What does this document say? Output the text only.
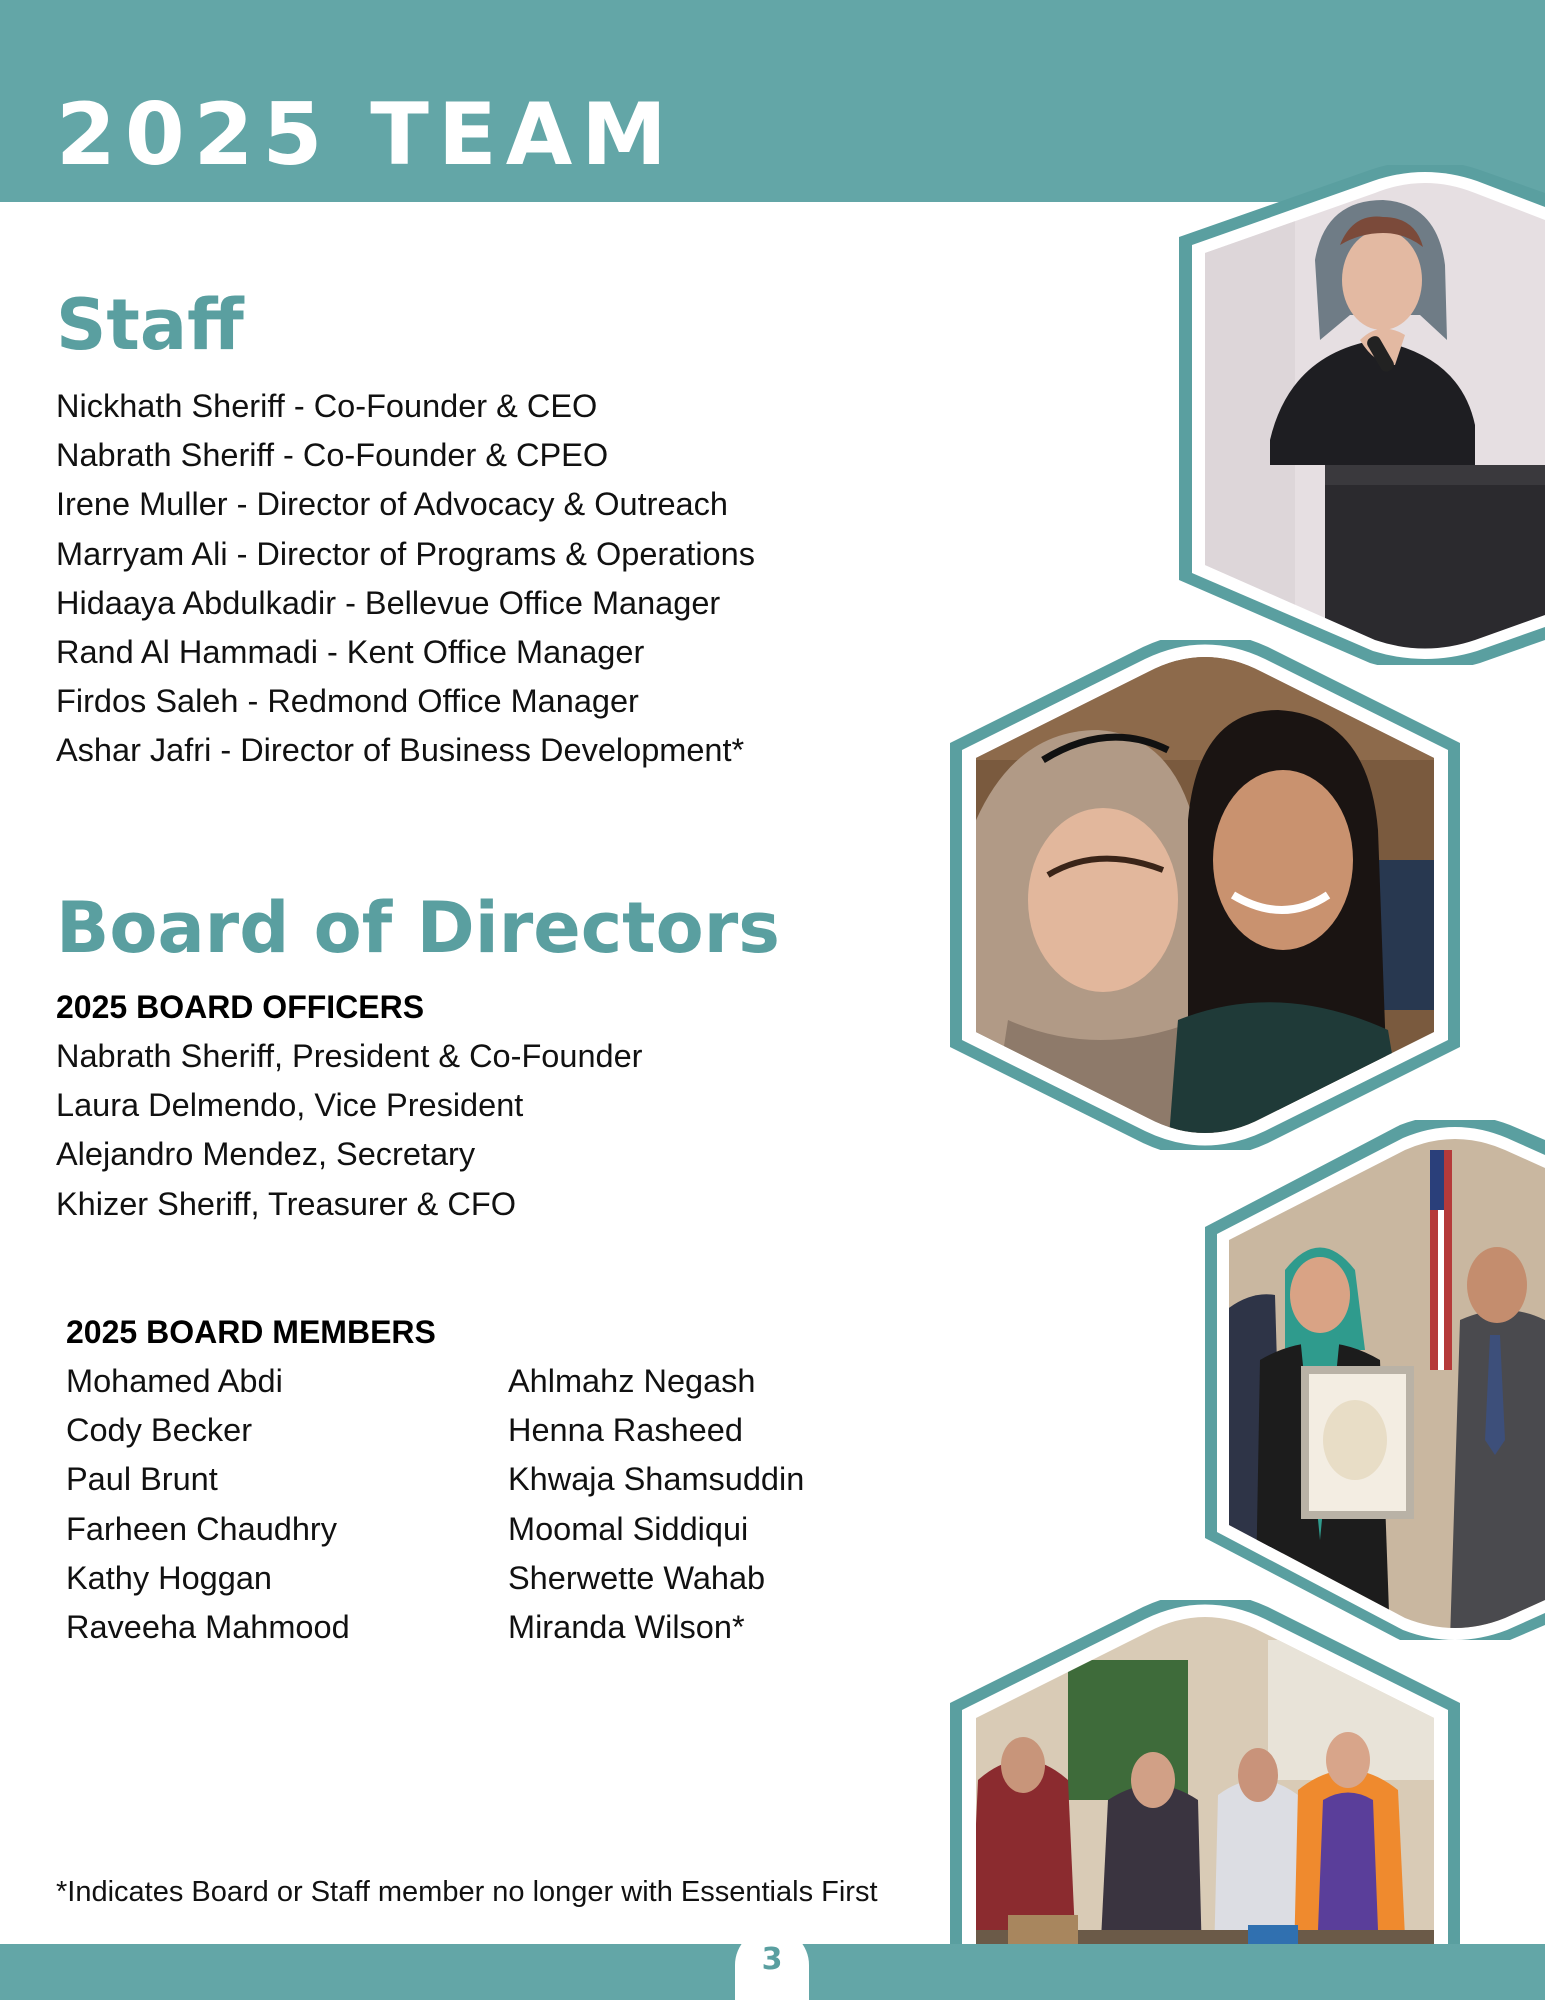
2025 TEAM
Staff
Nickhath Sheriff - Co-Founder & CEO
Nabrath Sheriff - Co-Founder & CPEO
Irene Muller - Director of Advocacy & Outreach
Marryam Ali - Director of Programs & Operations
Hidaaya Abdulkadir - Bellevue Office Manager
Rand Al Hammadi - Kent Office Manager
Firdos Saleh - Redmond Office Manager
Ashar Jafri - Director of Business Development*
Board of Directors
2025 BOARD OFFICERS
Nabrath Sheriff, President & Co-Founder
Laura Delmendo, Vice President
Alejandro Mendez, Secretary
Khizer Sheriff, Treasurer & CFO
2025 BOARD MEMBERS
Mohamed Abdi
Cody Becker
Paul Brunt
Farheen Chaudhry
Kathy Hoggan
Raveeha Mahmood
Ahlmahz Negash
Henna Rasheed
Khwaja Shamsuddin
Moomal Siddiqui
Sherwette Wahab
Miranda Wilson*
*Indicates Board or Staff member no longer with Essentials First
3
